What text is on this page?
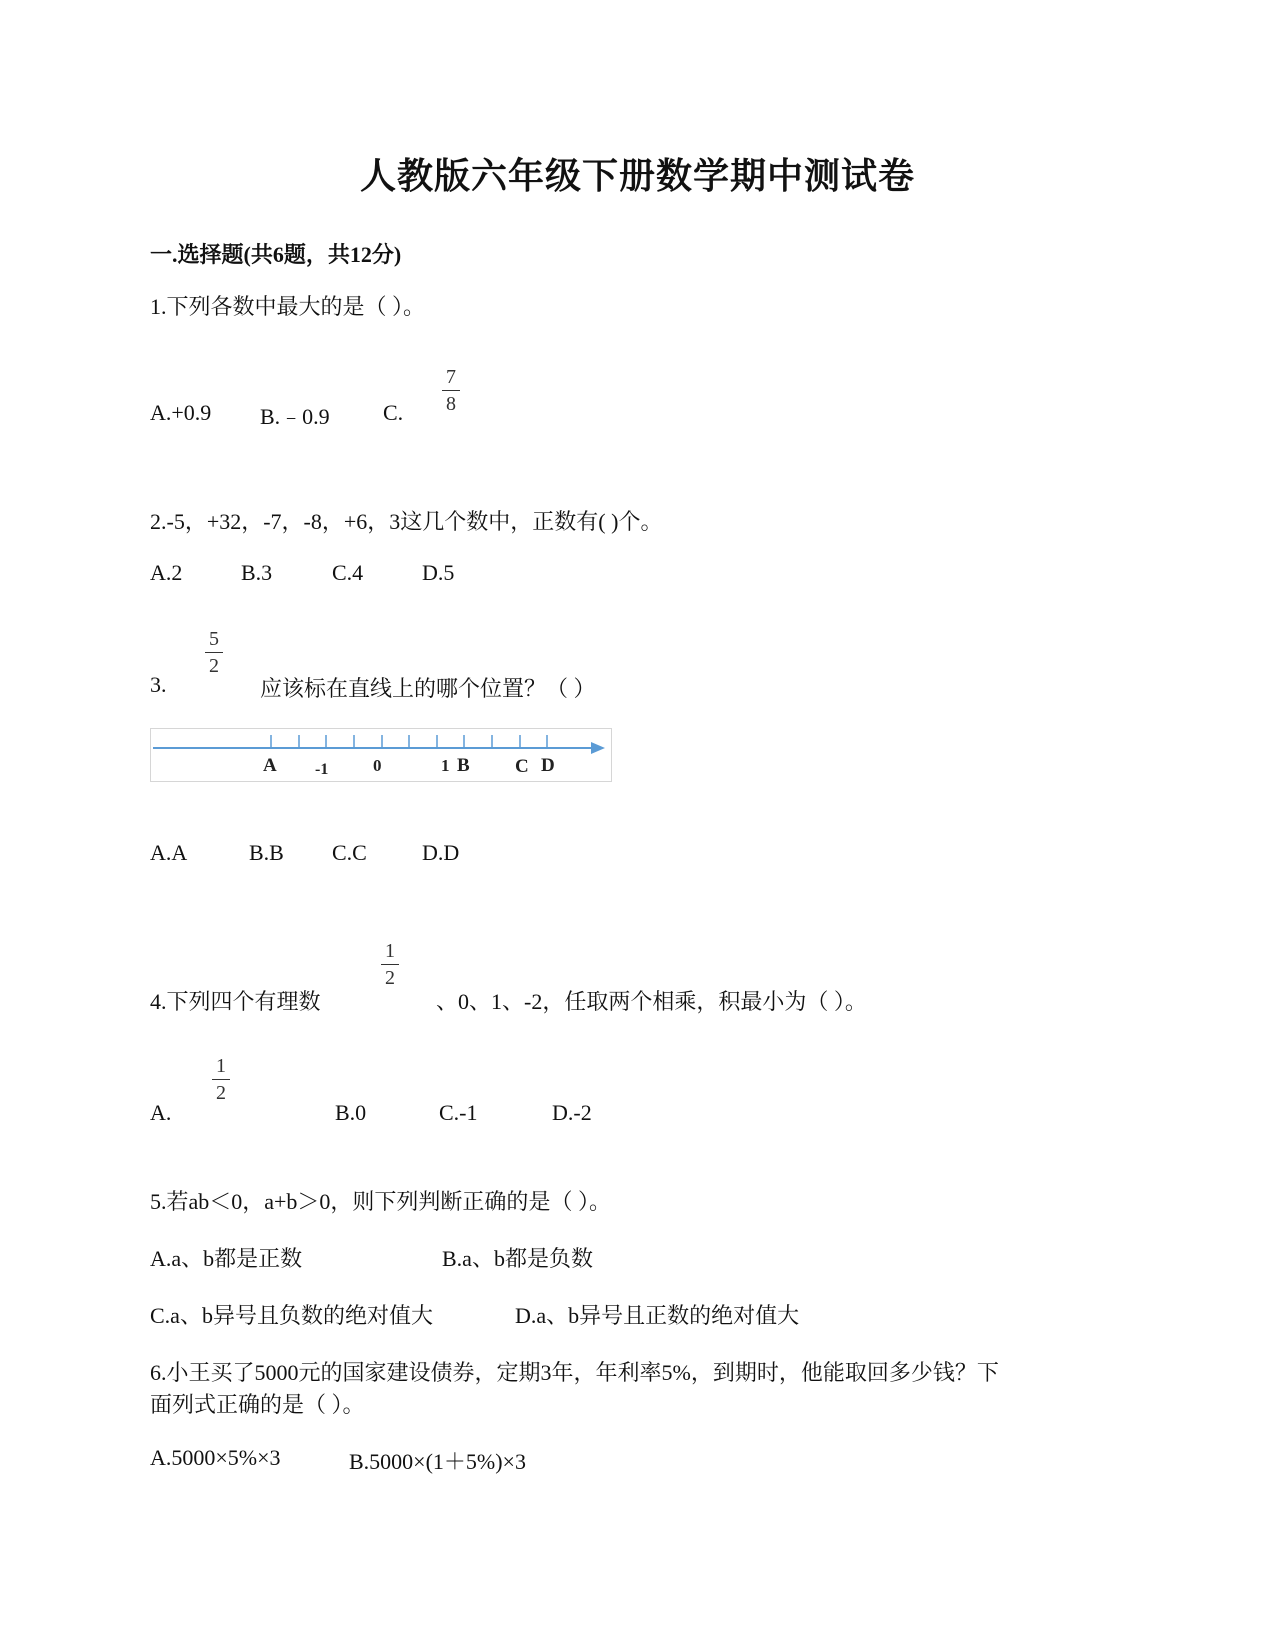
人教版六年级下册数学期中测试卷
一.选择题(共6题，共12分)
1.下列各数中最大的是（ ）。
A.+0.9 B.﹣0.9 C.
7
8
2.-5，+32，-7，-8，+6，3这几个数中，正数有( )个。
A.2	B.3	C.4	D.5
5
2
3.	应该标在直线上的哪个位置？（ ）
A -1	0	1 B C D
A.A	B.B C.C	D.D
4.下列四个有理数
1
2
、0、1、-2，任取两个相乘，积最小为（ ）。
A.
1
2
B.0	C.-1	D.-2
5.若ab＜0，a+b＞0，则下列判断正确的是（ ）。
A.a、b都是正数	B.a、b都是负数
C.a、b异号且负数的绝对值大	D.a、b异号且正数的绝对值大
6.小王买了5000元的国家建设债券，定期3年，年利率5%，到期时，他能取回多少钱？下
面列式正确的是（ ）。
A.5000×5%×3	B.5000×(1＋5%)×3
